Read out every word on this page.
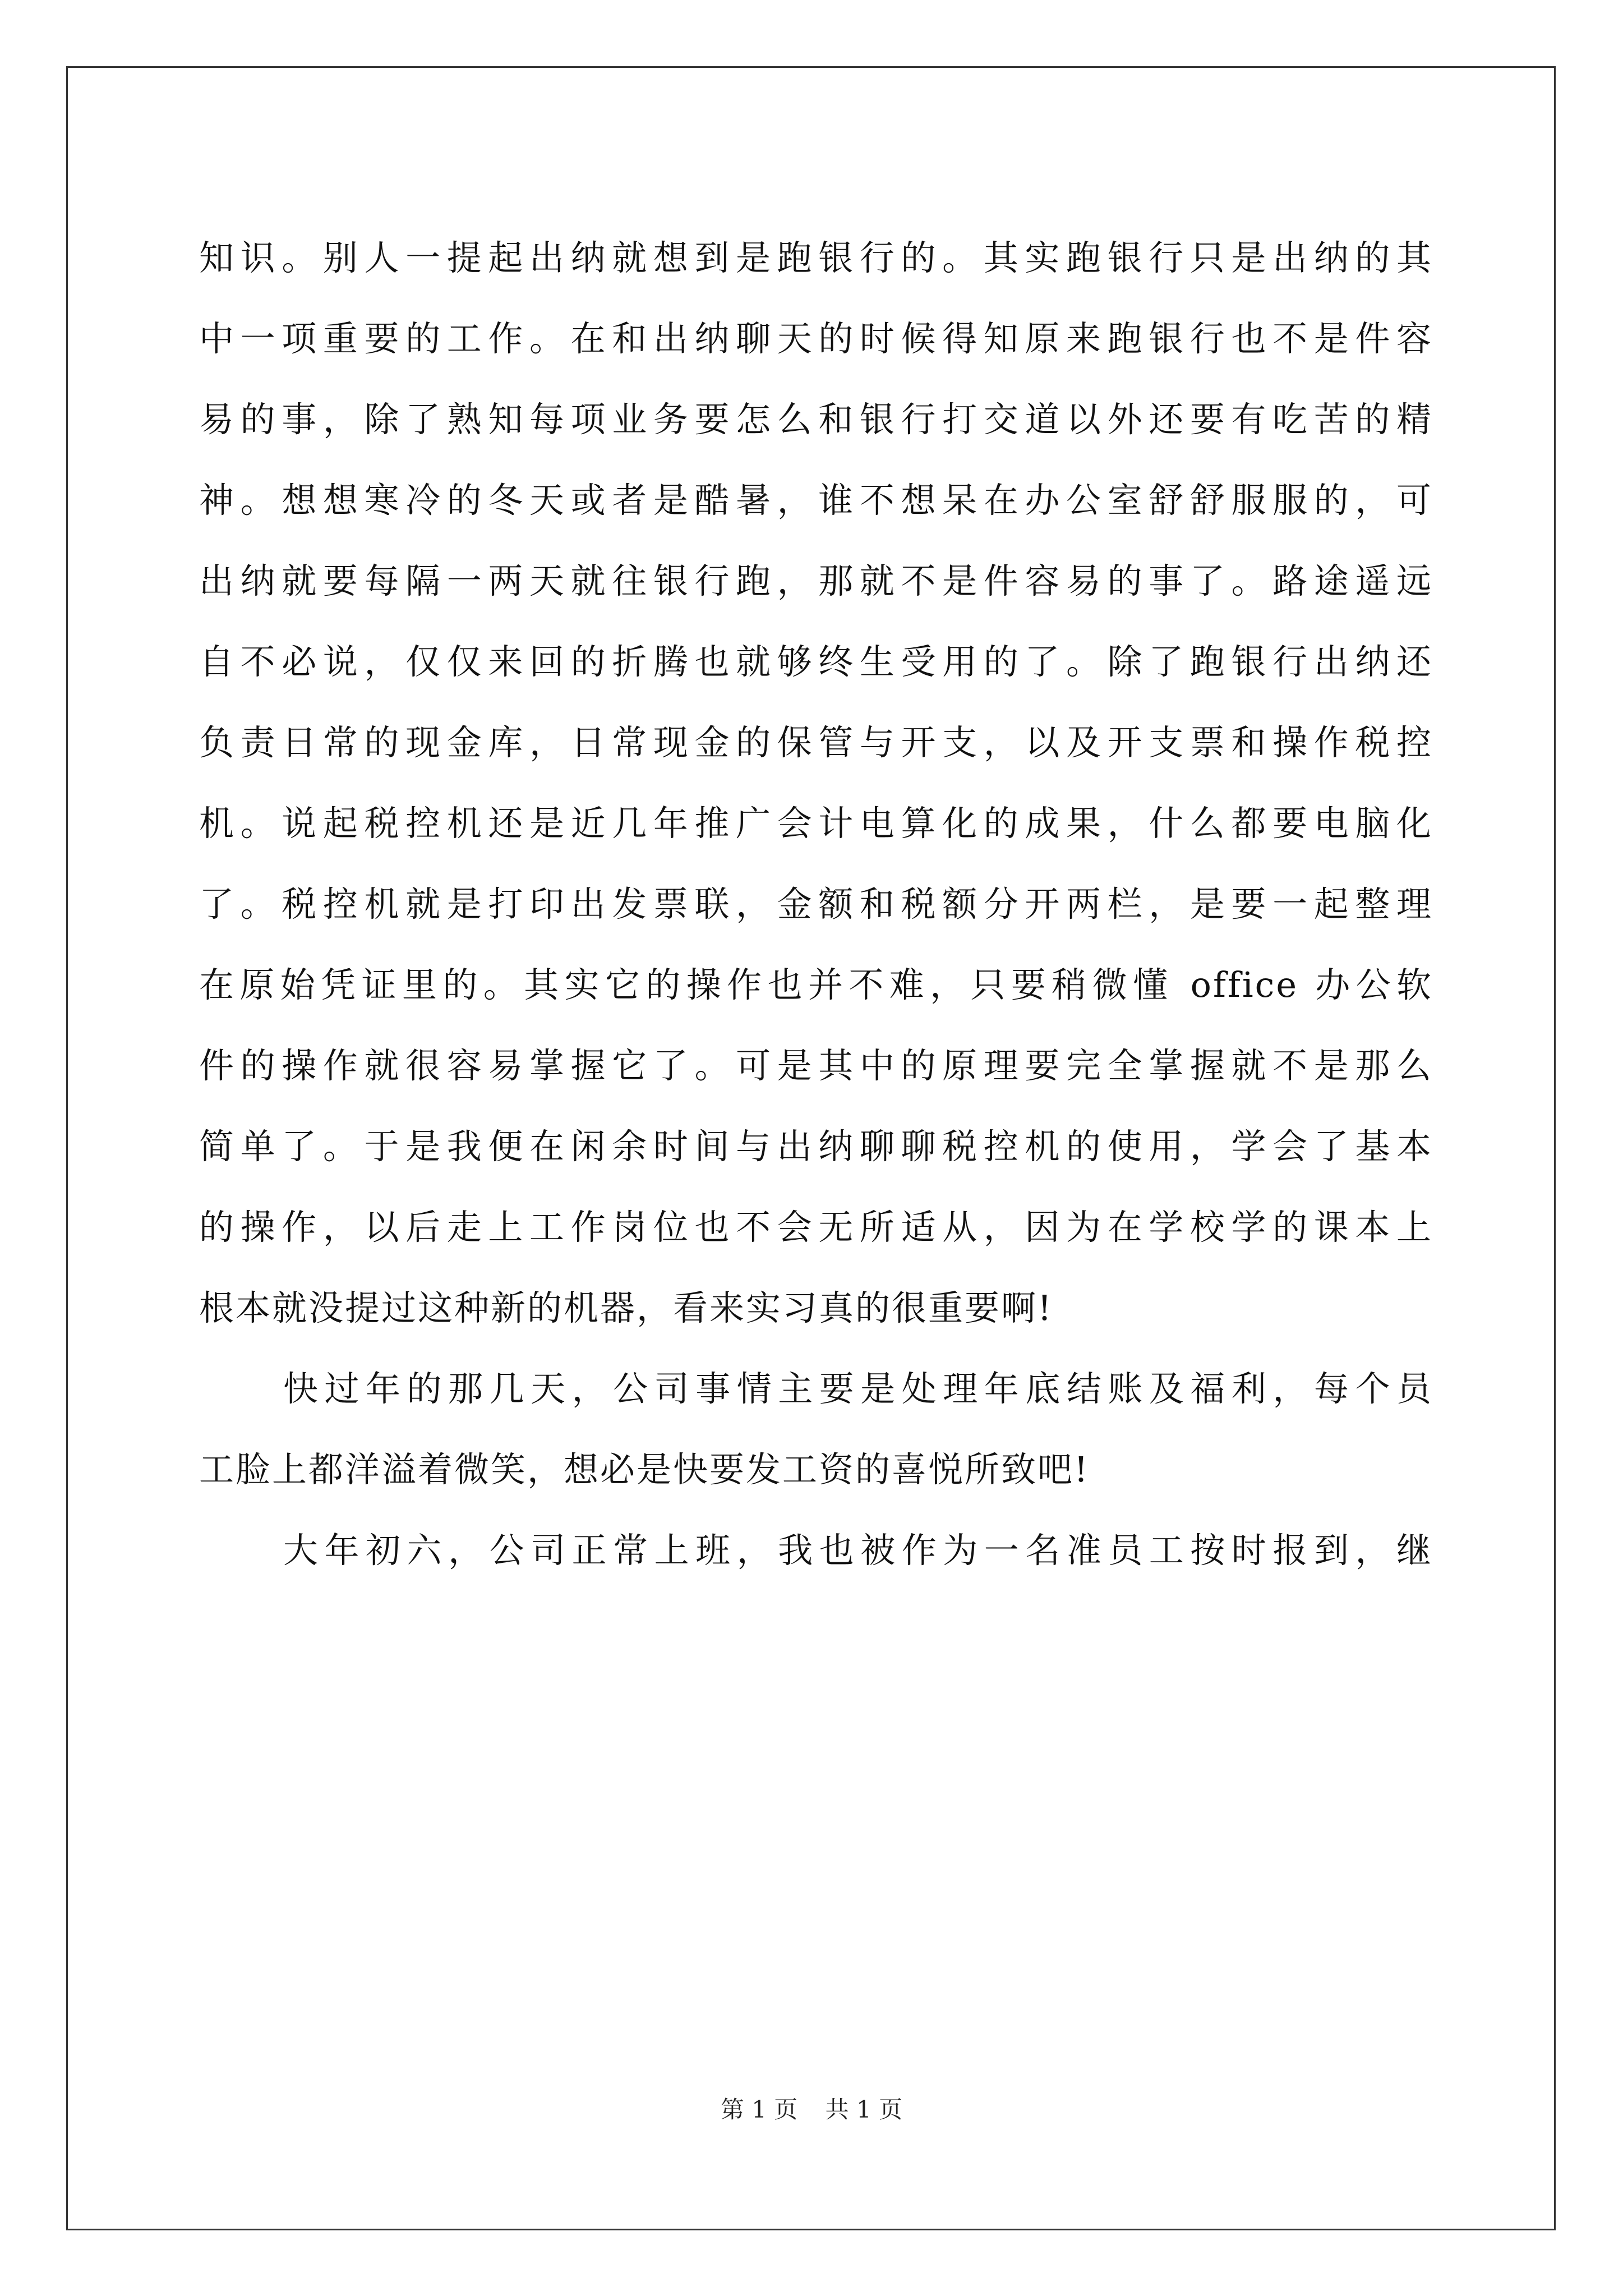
知识。别人一提起出纳就想到是跑银行的。其实跑银行只是出纳的其
中一项重要的工作。在和出纳聊天的时候得知原来跑银行也不是件容
易的事，除了熟知每项业务要怎么和银行打交道以外还要有吃苦的精
神。想想寒冷的冬天或者是酷暑，谁不想呆在办公室舒舒服服的，可
出纳就要每隔一两天就往银行跑，那就不是件容易的事了。路途遥远
自不必说，仅仅来回的折腾也就够终生受用的了。除了跑银行出纳还
负责日常的现金库，日常现金的保管与开支，以及开支票和操作税控
机。说起税控机还是近几年推广会计电算化的成果，什么都要电脑化
了。税控机就是打印出发票联，金额和税额分开两栏，是要一起整理
在原始凭证里的。其实它的操作也并不难，只要稍微懂 office 办公软
件的操作就很容易掌握它了。可是其中的原理要完全掌握就不是那么
简单了。于是我便在闲余时间与出纳聊聊税控机的使用，学会了基本
的操作，以后走上工作岗位也不会无所适从，因为在学校学的课本上
根本就没提过这种新的机器，看来实习真的很重要啊!
快过年的那几天，公司事情主要是处理年底结账及福利，每个员
工脸上都洋溢着微笑，想必是快要发工资的喜悦所致吧!
大年初六，公司正常上班，我也被作为一名准员工按时报到，继
第 1 页 共 1 页
